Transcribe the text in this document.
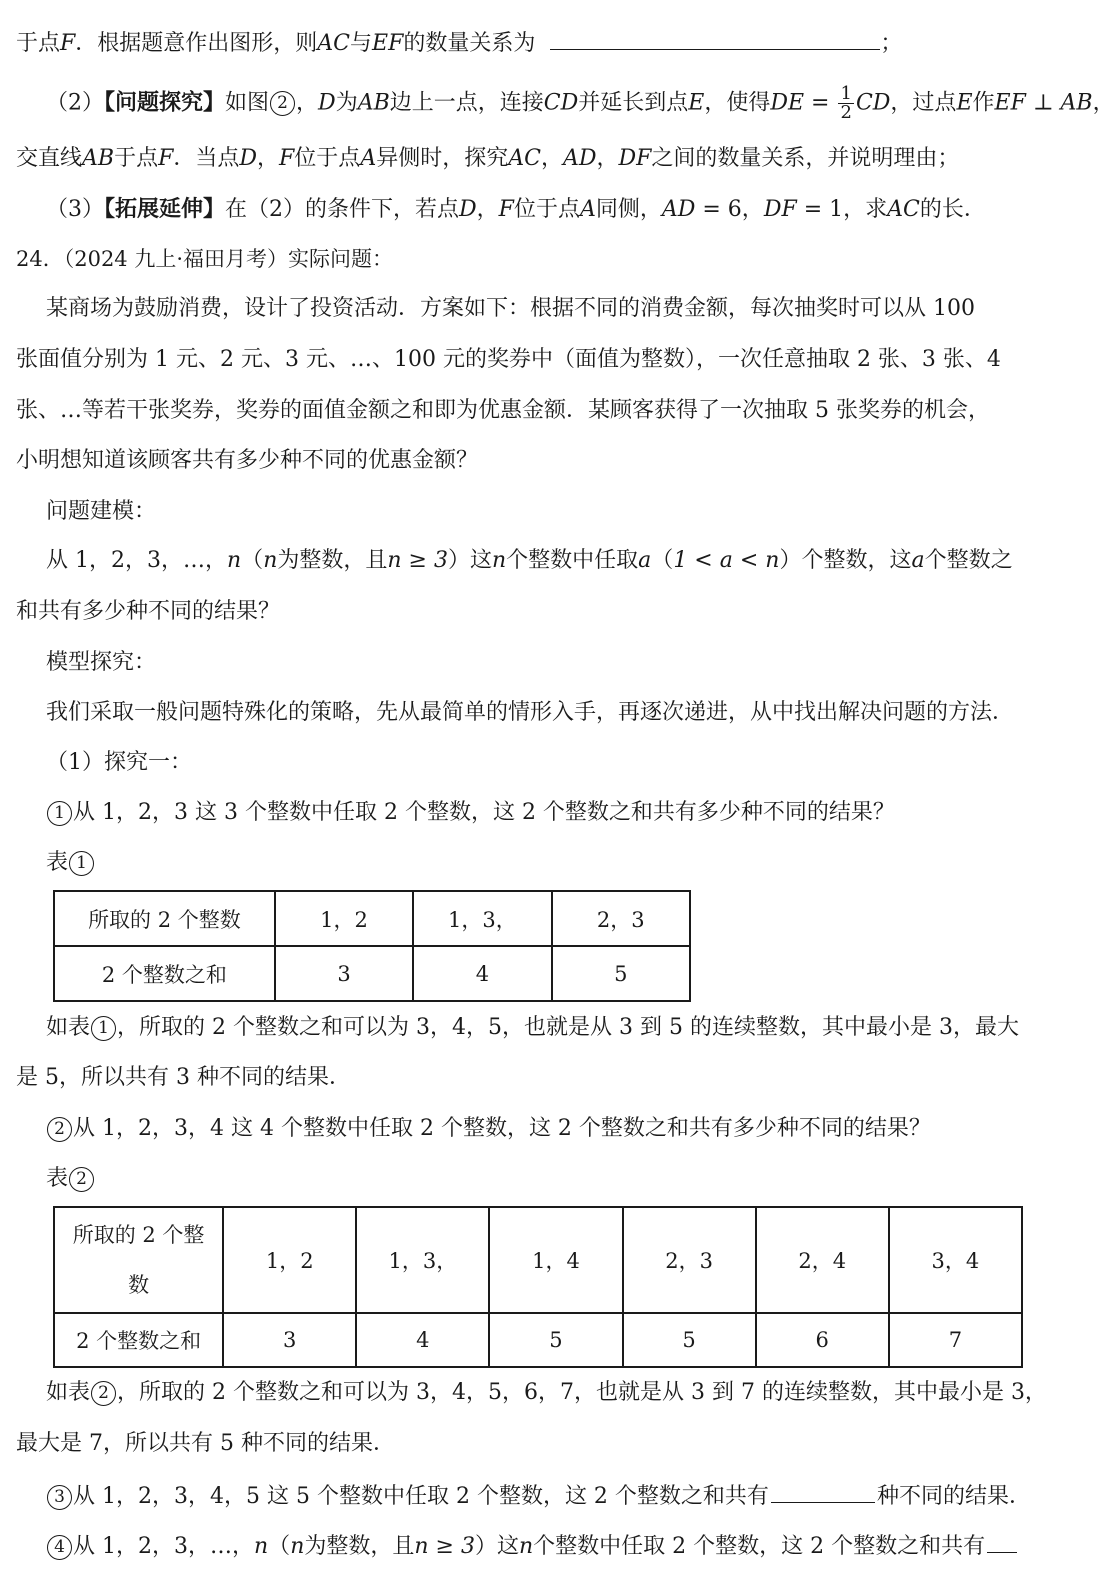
于点F．根据题意作出图形，则AC与EF的数量关系为	；
（2）【问题探究】如图 2 ，D为AB边上一点，连接CD并延长到点E，使得DE = $\frac{1}{2}$ CD，过点E作EF ⊥ AB，
交直线AB于点F．当点D，F位于点A异侧时，探究AC，AD，DF之间的数量关系，并说明理由；
（3）【拓展延伸】在（2）的条件下，若点D，F位于点A同侧，AD = 6，DF = 1，求AC的长．
24．（2024 九上·福田月考）实际问题：
某商场为鼓励消费，设计了投资活动．方案如下：根据不同的消费金额，每次抽奖时可以从 100
张面值分别为 1 元、2 元、3 元、…、100 元的奖券中（面值为整数），一次任意抽取 2 张、3 张、4
张、…等若干张奖券，奖券的面值金额之和即为优惠金额．某顾客获得了一次抽取 5 张奖券的机会，
小明想知道该顾客共有多少种不同的优惠金额？
问题建模：
从 1，2，3，…，n（n为整数，且n ≥ 3）这n个整数中任取a（1 < a < n）个整数，这a个整数之
和共有多少种不同的结果？
模型探究：
我们采取一般问题特殊化的策略，先从最简单的情形入手，再逐次递进，从中找出解决问题的方法．
（1）探究一：
1 从 1，2，3 这 3 个整数中任取 2 个整数，这 2 个整数之和共有多少种不同的结果？
表 1
所取的 2 个整数	1，2	1，3，	2，3
2 个整数之和	3	4	5
如表 1 ，所取的 2 个整数之和可以为 3，4，5，也就是从 3 到 5 的连续整数，其中最小是 3，最大
是 5，所以共有 3 种不同的结果．
2 从 1，2，3，4 这 4 个整数中任取 2 个整数，这 2 个整数之和共有多少种不同的结果？
表 2
所取的 2 个整
数	1，2	1，3，	1，4	2，3	2，4	3，4
2 个整数之和	3	4	5	5	6	7
如表 2 ，所取的 2 个整数之和可以为 3，4，5，6，7，也就是从 3 到 7 的连续整数，其中最小是 3，
最大是 7，所以共有 5 种不同的结果．
3 从 1，2，3，4，5 这 5 个整数中任取 2 个整数，这 2 个整数之和共有	种不同的结果．
4 从 1，2，3，…，n（n为整数，且n ≥ 3）这n个整数中任取 2 个整数，这 2 个整数之和共有
